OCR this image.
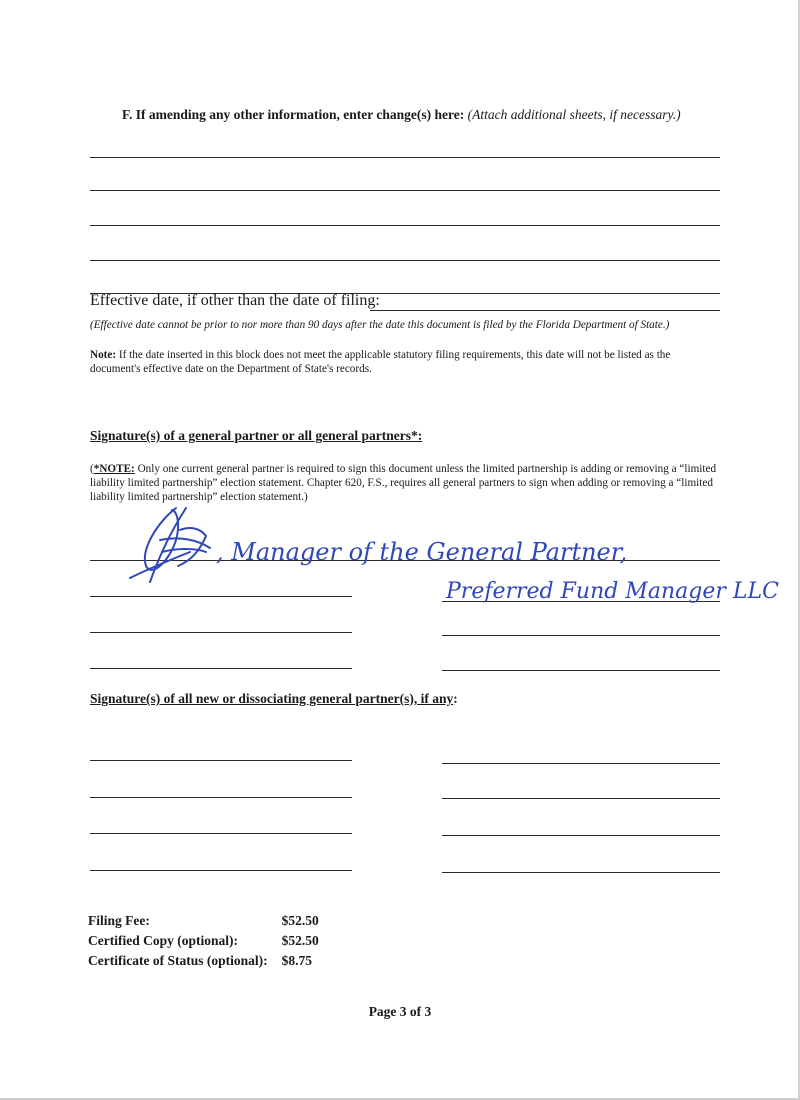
F. If amending any other information, enter change(s) here: (Attach additional sheets, if necessary.)
Effective date, if other than the date of filing:
(Effective date cannot be prior to nor more than 90 days after the date this document is filed by the Florida Department of State.)
Note: If the date inserted in this block does not meet the applicable statutory filing requirements, this date will not be listed as the document's effective date on the Department of State's records.
Signature(s) of a general partner or all general partners*:
(*NOTE: Only one current general partner is required to sign this document unless the limited partnership is adding or removing a “limited liability limited partnership” election statement. Chapter 620, F.S., requires all general partners to sign when adding or removing a “limited liability limited partnership” election statement.)
, Manager of the General Partner,
Preferred Fund Manager LLC
Signature(s) of all new or dissociating general partner(s), if any:
Filing Fee:	$52.50
Certified Copy (optional):	$52.50
Certificate of Status (optional):	$8.75
Page 3 of 3
